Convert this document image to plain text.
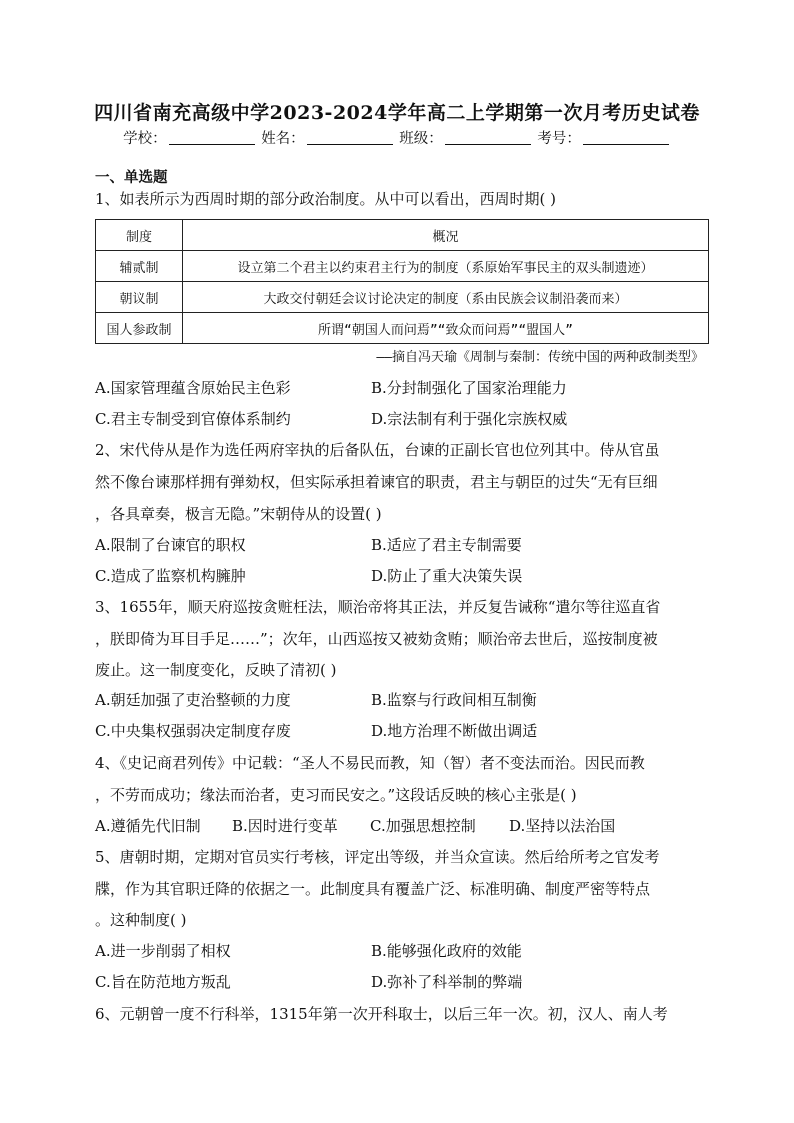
四川省南充高级中学2023-2024学年高二上学期第一次月考历史试卷
学校：	姓名：	班级：	考号：
一、单选题
1、如表所示为西周时期的部分政治制度。从中可以看出，西周时期( )
制度	概况
辅贰制	设立第二个君主以约束君主行为的制度（系原始军事民主的双头制遗迹）
朝议制	大政交付朝廷会议讨论决定的制度（系由民族会议制沿袭而来）
国人参政制	所谓“朝国人而问焉”“致众而问焉”“盟国人”
——摘自冯天瑜《周制与秦制：传统中国的两种政制类型》
A.国家管理蕴含原始民主色彩	B.分封制强化了国家治理能力
C.君主专制受到官僚体系制约	D.宗法制有利于强化宗族权威
2、宋代侍从是作为选任两府宰执的后备队伍，台谏的正副长官也位列其中。侍从官虽
然不像台谏那样拥有弹劾权，但实际承担着谏官的职责，君主与朝臣的过失“无有巨细
，各具章奏，极言无隐。”宋朝侍从的设置( )
A.限制了台谏官的职权	B.适应了君主专制需要
C.造成了监察机构臃肿	D.防止了重大决策失误
3、1655年，顺天府巡按贪赃枉法，顺治帝将其正法，并反复告诫称“遣尔等往巡直省
，朕即倚为耳目手足……”；次年，山西巡按又被劾贪贿；顺治帝去世后，巡按制度被
废止。这一制度变化，反映了清初( )
A.朝廷加强了吏治整顿的力度	B.监察与行政间相互制衡
C.中央集权强弱决定制度存废	D.地方治理不断做出调适
4、《史记商君列传》中记载：“圣人不易民而教，知（智）者不变法而治。因民而教
，不劳而成功；缘法而治者，吏习而民安之。”这段话反映的核心主张是( )
A.遵循先代旧制 B.因时进行变革 C.加强思想控制 D.坚持以法治国
5、唐朝时期，定期对官员实行考核，评定出等级，并当众宣读。然后给所考之官发考
牒，作为其官职迁降的依据之一。此制度具有覆盖广泛、标准明确、制度严密等特点
。这种制度( )
A.进一步削弱了相权	B.能够强化政府的效能
C.旨在防范地方叛乱	D.弥补了科举制的弊端
6、元朝曾一度不行科举，1315年第一次开科取士，以后三年一次。初，汉人、南人考
